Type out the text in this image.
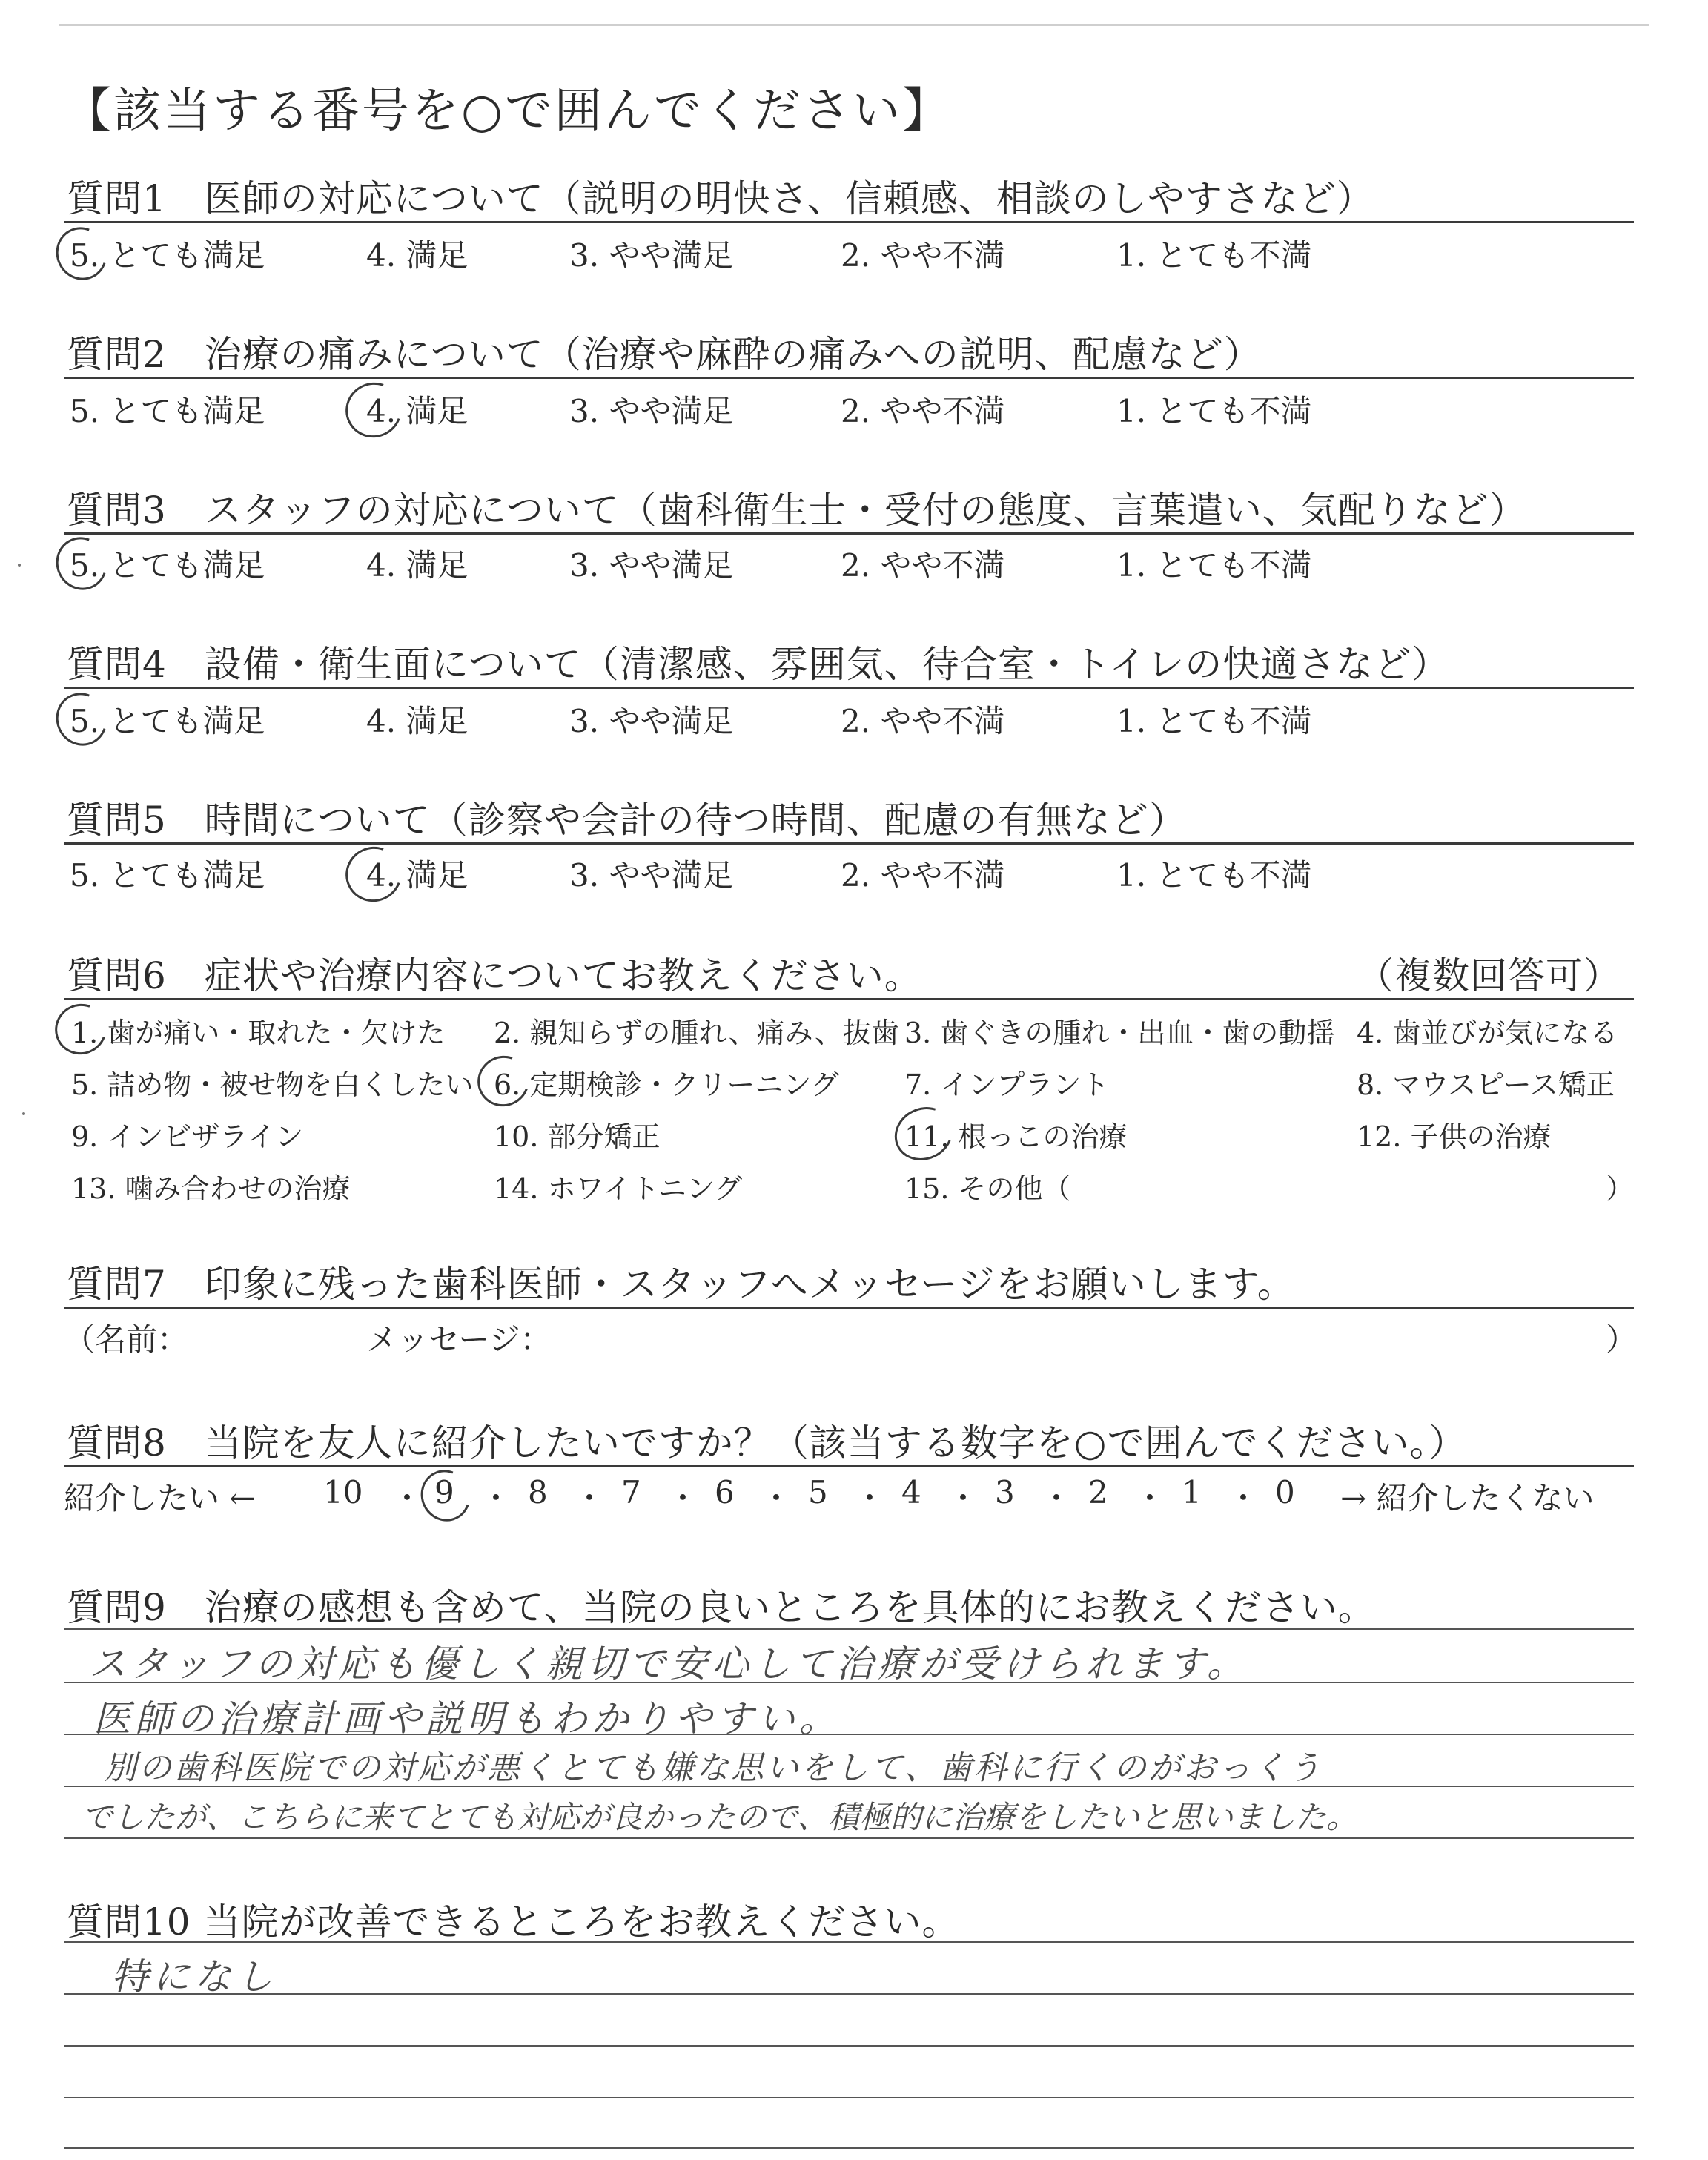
【該当する番号を○で囲んでください】
質問1　医師の対応について（説明の明快さ、信頼感、相談のしやすさなど）
5. とても満足	4. 満足	3. やや満足	2. やや不満	1. とても不満
質問2　治療の痛みについて（治療や麻酔の痛みへの説明、配慮など）
5. とても満足	4. 満足	3. やや満足	2. やや不満	1. とても不満
質問3　スタッフの対応について（歯科衛生士・受付の態度、言葉遣い、気配りなど）
5. とても満足	4. 満足	3. やや満足	2. やや不満	1. とても不満
質問4　設備・衛生面について（清潔感、雰囲気、待合室・トイレの快適さなど）
5. とても満足	4. 満足	3. やや満足	2. やや不満	1. とても不満
質問5　時間について（診察や会計の待つ時間、配慮の有無など）
5. とても満足	4. 満足	3. やや満足	2. やや不満	1. とても不満
質問6　症状や治療内容についてお教えください。	（複数回答可）
1. 歯が痛い・取れた・欠けた 2. 親知らずの腫れ、痛み、抜歯 3. 歯ぐきの腫れ・出血・歯の動揺 4. 歯並びが気になる
5. 詰め物・被せ物を白くしたい 6. 定期検診・クリーニング 7. インプラント	8. マウスピース矯正
9. インビザライン	10. 部分矯正	11. 根っこの治療	12. 子供の治療
13. 噛み合わせの治療	14. ホワイトニング	15. その他（	）
質問7　印象に残った歯科医師・スタッフへメッセージをお願いします。
（名前：	メッセージ：	）
質問8　当院を友人に紹介したいですか？（該当する数字を○で囲んでください。）
紹介したい ← 10 9 8 7 6 5 4 3 2 1 0 → 紹介したくない
・ ・ ・ ・ ・ ・ ・ ・ ・ ・
質問9　治療の感想も含めて、当院の良いところを具体的にお教えください。
スタッフの対応も優しく親切で安心して治療が受けられます。
医師の治療計画や説明もわかりやすい。
別の歯科医院での対応が悪くとても嫌な思いをして、歯科に行くのがおっくう
でしたが、こちらに来てとても対応が良かったので、積極的に治療をしたいと思いました。
質問10 当院が改善できるところをお教えください。
特になし
